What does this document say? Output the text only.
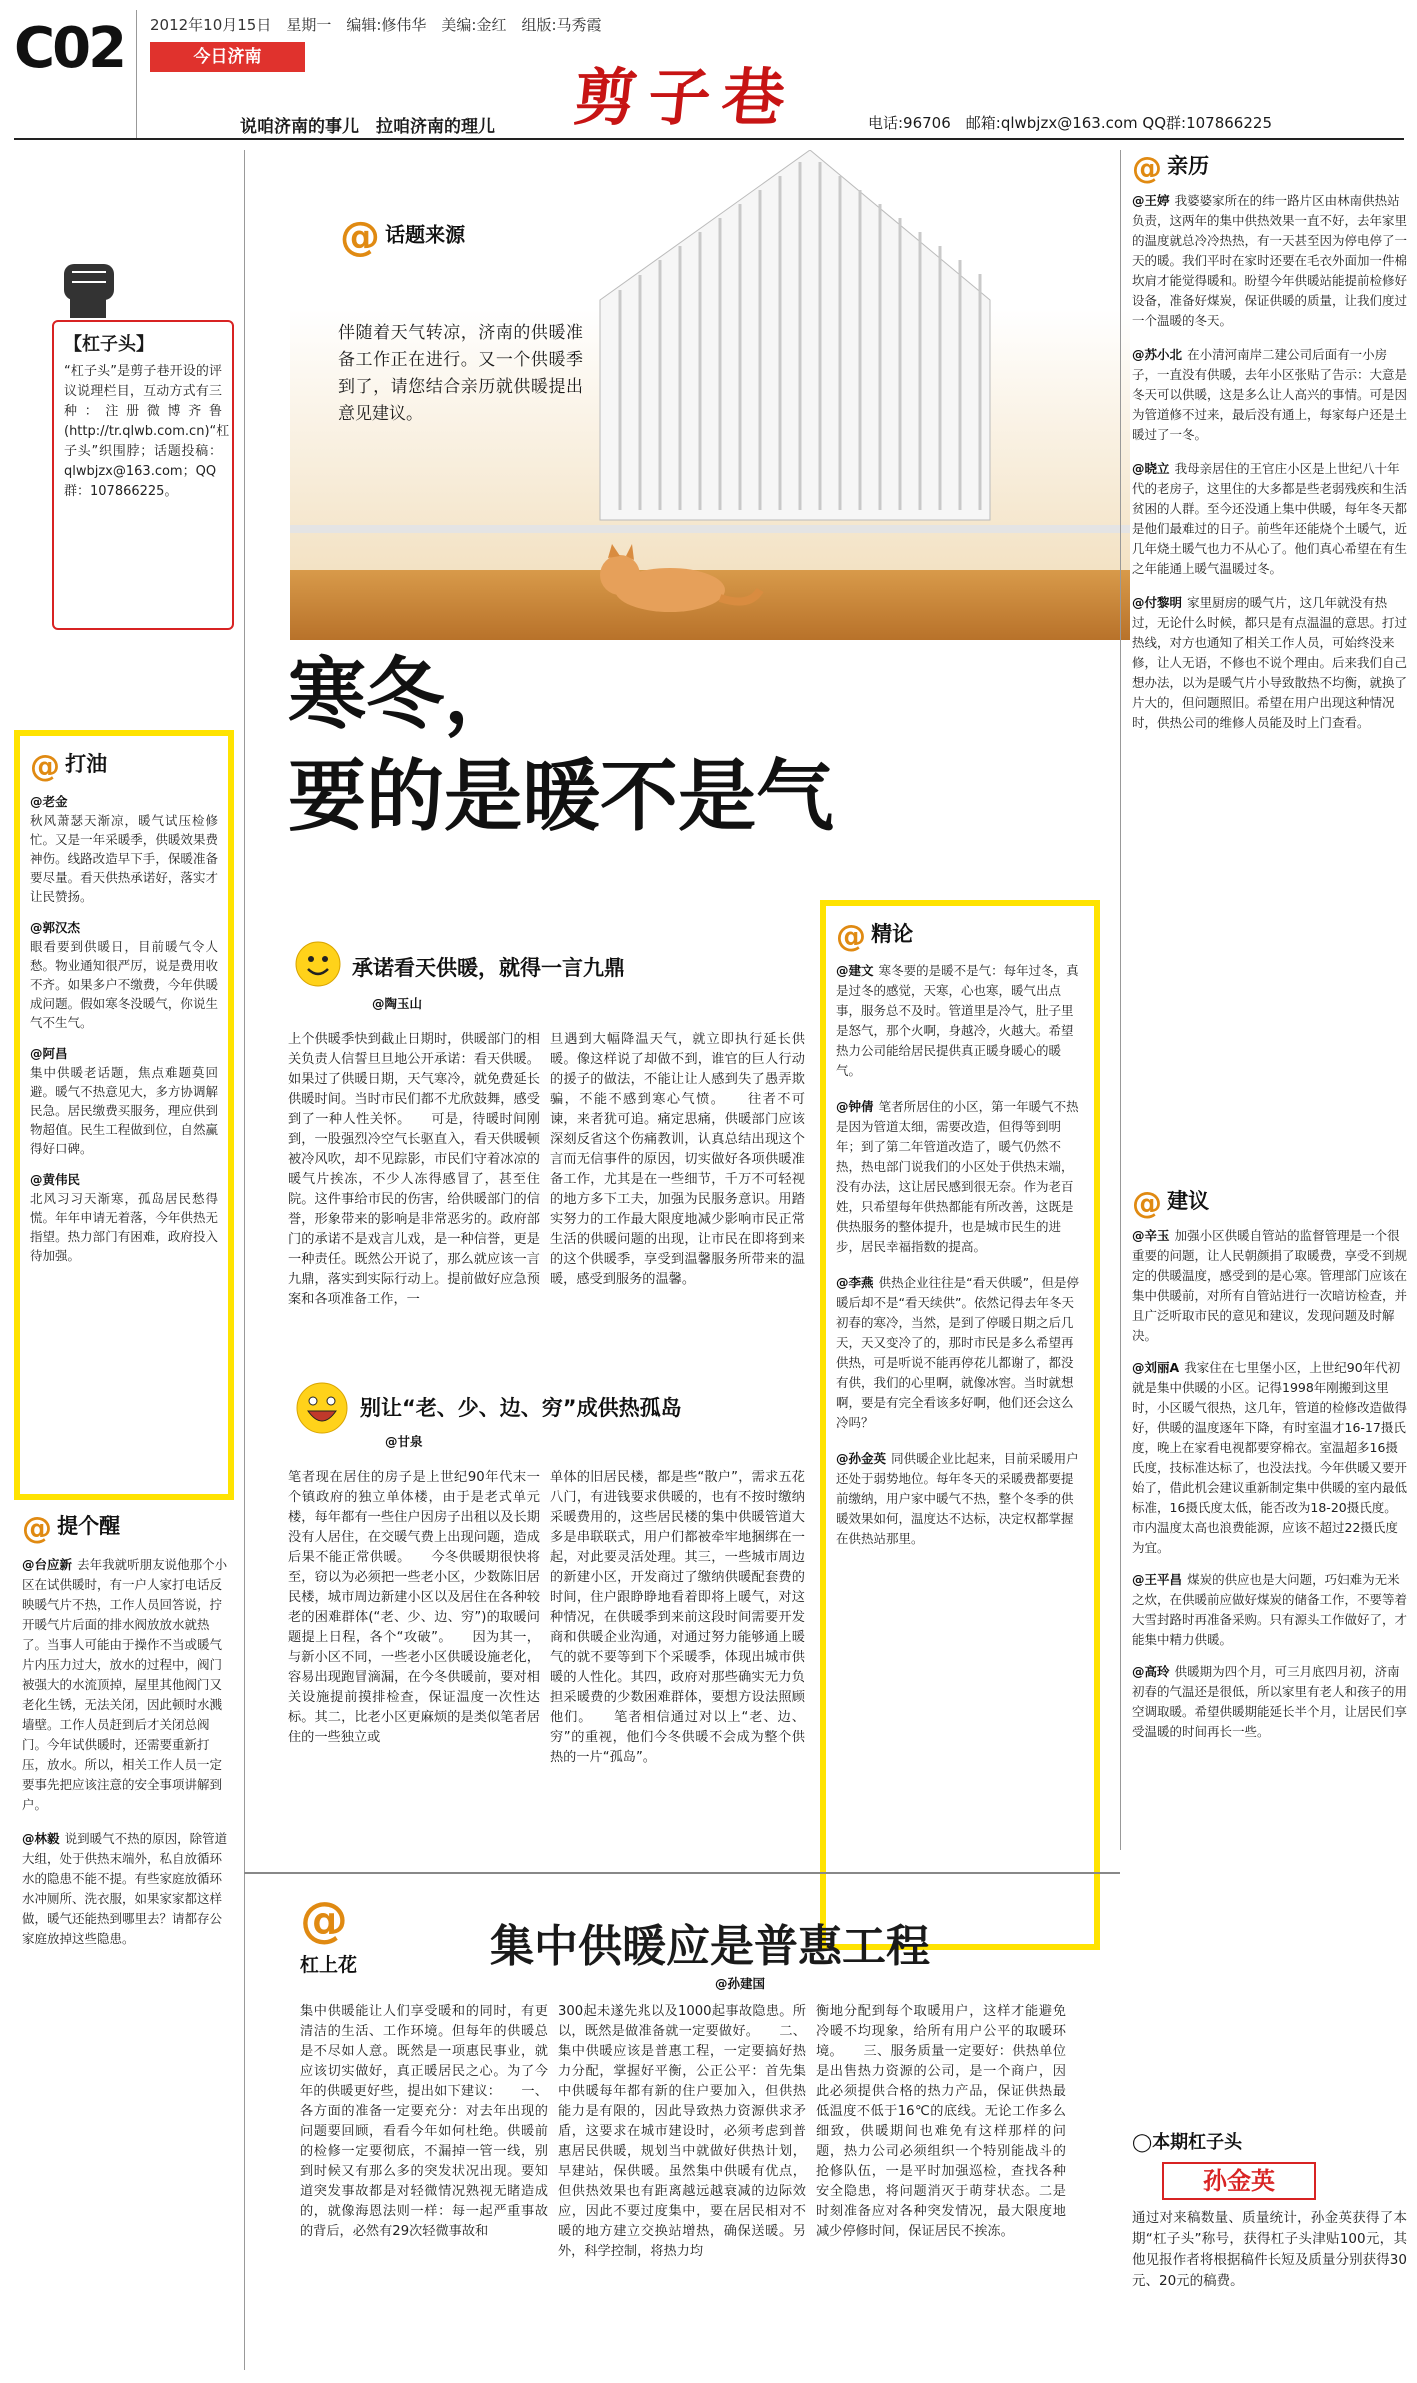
C02 2012年10月15日　星期一　编辑:修伟华　美编:金红　组版:马秀霞
今日济南
剪子巷
说咱济南的事儿　拉咱济南的理儿	电话:96706　邮箱:qlwbjzx@163.com QQ群:107866225
【杠子头】
“杠子头”是剪子巷开设的评议说理栏目，互动方式有三种：注册微博齐鲁(http://tr.qlwb.com.cn)“杠子头”织围脖；话题投稿：qlwbjzx@163.com；QQ群：107866225。
@ 打油
@老金
秋风萧瑟天渐凉，暖气试压检修忙。又是一年采暖季，供暖效果费神伤。线路改造早下手，保暖准备要尽量。看天供热承诺好，落实才让民赞扬。
@郭汉杰
眼看要到供暖日，目前暖气令人愁。物业通知很严厉，说是费用收不齐。如果多户不缴费，今年供暖成问题。假如寒冬没暖气，你说生气不生气。
@阿昌
集中供暖老话题，焦点难题莫回避。暖气不热意见大，多方协调解民急。居民缴费买服务，理应供到物超值。民生工程做到位，自然赢得好口碑。
@黄伟民
北风习习天渐寒，孤岛居民愁得慌。年年申请无着落，今年供热无指望。热力部门有困难，政府投入待加强。
@ 提个醒
@台应新 去年我就听朋友说他那个小区在试供暖时，有一户人家打电话反映暖气片不热，工作人员回答说，拧开暖气片后面的排水阀放放水就热了。当事人可能由于操作不当或暖气片内压力过大，放水的过程中，阀门被强大的水流顶掉，屋里其他阀门又老化生锈，无法关闭，因此顿时水溅墙壁。工作人员赶到后才关闭总阀门。今年试供暖时，还需要重新打压，放水。所以，相关工作人员一定要事先把应该注意的安全事项讲解到户。
@林毅 说到暖气不热的原因，除管道大组，处于供热末端外，私自放循环水的隐患不能不提。有些家庭放循环水冲厕所、洗衣服，如果家家都这样做，暖气还能热到哪里去？请都存公家庭放掉这些隐患。
@ 话题来源
伴随着天气转凉，济南的供暖准备工作正在进行。又一个供暖季到了，请您结合亲历就供暖提出意见建议。
寒冬，
要的是暖不是气
承诺看天供暖，就得一言九鼎
@陶玉山
上个供暖季快到截止日期时，供暖部门的相关负责人信誓旦旦地公开承诺：看天供暖。如果过了供暖日期，天气寒冷，就免费延长供暖时间。当时市民们都不尤欣鼓舞，感受到了一种人性关怀。　　可是，待暖时间刚到，一股强烈冷空气长驱直入，看天供暖顿被冷风吹，却不见踪影，市民们守着冰凉的暖气片挨冻，不少人冻得感冒了，甚至住院。这件事给市民的伤害，给供暖部门的信誉，形象带来的影响是非常恶劣的。政府部门的承诺不是戏言儿戏，是一种信誉，更是一种责任。既然公开说了，那么就应该一言九鼎，落实到实际行动上。提前做好应急预案和各项准备工作，一
旦遇到大幅降温天气，就立即执行延长供暖。像这样说了却做不到，谁官的巨人行动的援子的做法，不能让让人感到失了愚弄欺骗，不能不感到寒心气愤。　　往者不可谏，来者犹可追。痛定思痛，供暖部门应该深刻反省这个伤痛教训，认真总结出现这个言而无信事件的原因，切实做好各项供暖准备工作，尤其是在一些细节，千万不可轻视的地方多下工夫，加强为民服务意识。用踏实努力的工作最大限度地减少影响市民正常生活的供暖问题的出现，让市民在即将到来的这个供暖季，享受到温馨服务所带来的温暖，感受到服务的温馨。
别让“老、少、边、穷”成供热孤岛
@甘泉
笔者现在居住的房子是上世纪90年代末一个镇政府的独立单体楼，由于是老式单元楼，每年都有一些住户因房子出租以及长期没有人居住，在交暖气费上出现问题，造成后果不能正常供暖。　　今冬供暖期很快将至，窃以为必须把一些老小区，少数陈旧居民楼，城市周边新建小区以及居住在各种较老的困难群体(“老、少、边、穷”)的取暖问题提上日程，各个“攻破”。　　因为其一，与新小区不同，一些老小区供暖设施老化，容易出现跑冒滴漏，在今冬供暖前，要对相关设施提前摸排检查，保证温度一次性达标。其二，比老小区更麻烦的是类似笔者居住的一些独立或
单体的旧居民楼，都是些“散户”，需求五花八门，有进钱要求供暖的，也有不按时缴纳采暖费用的，这些居民楼的集中供暖管道大多是串联联式，用户们都被牵牢地捆绑在一起，对此要灵活处理。其三，一些城市周边的新建小区，开发商过了缴纳供暖配套费的时间，住户跟睁睁地看着即将上暖气，对这种情况，在供暖季到来前这段时间需要开发商和供暖企业沟通，对通过努力能够通上暖气的就不要等到下个采暖季，体现出城市供暖的人性化。其四，政府对那些确实无力负担采暖费的少数困难群体，要想方设法照顾他们。　　笔者相信通过对以上“老、边、穷”的重视，他们今冬供暖不会成为整个供热的一片“孤岛”。
@ 精论
@建文 寒冬要的是暖不是气：每年过冬，真是过冬的感觉，天寒，心也寒，暖气出点事，服务总不及时。管道里是冷气，肚子里是怒气，那个火啊，身越冷，火越大。希望热力公司能给居民提供真正暖身暖心的暖气。
@钟倩 笔者所居住的小区，第一年暖气不热是因为管道太细，需要改造，但得等到明年；到了第二年管道改造了，暖气仍然不热，热电部门说我们的小区处于供热末端，没有办法，这让居民感到很无奈。作为老百姓，只希望每年供热都能有所改善，这既是供热服务的整体提升，也是城市民生的进步，居民幸福指数的提高。
@李燕 供热企业往往是“看天供暖”，但是停暖后却不是“看天续供”。依然记得去年冬天初春的寒冷，当然，是到了停暖日期之后几天，天又变冷了的，那时市民是多么希望再供热，可是听说不能再停花儿都谢了，都没有供，我们的心里啊，就像冰窖。当时就想啊，要是有完全看该多好啊，他们还会这么冷吗？
@孙金英 同供暖企业比起来，目前采暖用户还处于弱势地位。每年冬天的采暖费都要提前缴纳，用户家中暖气不热，整个冬季的供暖效果如何，温度达不达标，决定权都掌握在供热站那里。
@ 亲历
@王婷 我婆婆家所在的纬一路片区由林南供热站负责，这两年的集中供热效果一直不好，去年家里的温度就总冷冷热热，有一天甚至因为停电停了一天的暖。我们平时在家时还要在毛衣外面加一件棉坎肩才能觉得暖和。盼望今年供暖站能提前检修好设备，准备好煤炭，保证供暖的质量，让我们度过一个温暖的冬天。
@苏小北 在小清河南岸二建公司后面有一小房子，一直没有供暖，去年小区张贴了告示：大意是冬天可以供暖，这是多么让人高兴的事情。可是因为管道修不过来，最后没有通上，每家每户还是土暖过了一冬。
@晓立 我母亲居住的王官庄小区是上世纪八十年代的老房子，这里住的大多都是些老弱残疾和生活贫困的人群。至今还没通上集中供暖，每年冬天都是他们最难过的日子。前些年还能烧个土暖气，近几年烧土暖气也力不从心了。他们真心希望在有生之年能通上暖气温暖过冬。
@付黎明 家里厨房的暖气片，这几年就没有热过，无论什么时候，都只是有点温温的意思。打过热线，对方也通知了相关工作人员，可始终没来修，让人无语，不修也不说个理由。后来我们自己想办法，以为是暖气片小导致散热不均衡，就换了片大的，但问题照旧。希望在用户出现这种情况时，供热公司的维修人员能及时上门查看。
@ 建议
@辛玉 加强小区供暖自管站的监督管理是一个很重要的问题，让人民朝颜捐了取暖费，享受不到规定的供暖温度，感受到的是心寒。管理部门应该在集中供暖前，对所有自管站进行一次暗访检查，并且广泛听取市民的意见和建议，发现问题及时解决。
@刘丽A 我家住在七里堡小区，上世纪90年代初就是集中供暖的小区。记得1998年刚搬到这里时，小区暖气很热，这几年，管道的检修改造做得好，供暖的温度逐年下降，有时室温才16-17摄氏度，晚上在家看电视都要穿棉衣。室温超多16摄氏度，技标准达标了，也没法找。今年供暖又要开始了，借此机会建议重新制定集中供暖的室内最低标准，16摄氏度太低，能否改为18-20摄氏度。市内温度太高也浪费能源，应该不超过22摄氏度为宜。
@王平昌 煤炭的供应也是大问题，巧妇难为无米之炊，在供暖前应做好煤炭的储备工作，不要等着大雪封路时再准备采购。只有源头工作做好了，才能集中精力供暖。
@高玲 供暖期为四个月，可三月底四月初，济南初春的气温还是很低，所以家里有老人和孩子的用空调取暖。希望供暖期能延长半个月，让居民们享受温暖的时间再长一些。
◯本期杠子头
孙金英
通过对来稿数量、质量统计，孙金英获得了本期“杠子头”称号，获得杠子头津贴100元，其他见报作者将根据稿件长短及质量分别获得30元、20元的稿费。
@
杠上花	集中供暖应是普惠工程
@孙建国
集中供暖能让人们享受暖和的同时，有更清洁的生活、工作环境。但每年的供暖总是不尽如人意。既然是一项惠民事业，就应该切实做好，真正暖居民之心。为了今年的供暖更好些，提出如下建议：　　一、各方面的准备一定要充分：对去年出现的问题要回顾，看看今年如何杜绝。供暖前的检修一定要彻底，不漏掉一管一线，别到时候又有那么多的突发状况出现。要知道突发事故都是对轻微情况熟视无睹造成的，就像海恩法则一样：每一起严重事故的背后，必然有29次轻微事故和
300起未遂先兆以及1000起事故隐患。所以，既然是做准备就一定要做好。　　二、集中供暖应该是普惠工程，一定要搞好热力分配，掌握好平衡，公正公平：首先集中供暖每年都有新的住户要加入，但供热能力是有限的，因此导致热力资源供求矛盾，这要求在城市建设时，必须考虑到普惠居民供暖，规划当中就做好供热计划，早建站，保供暖。虽然集中供暖有优点，但供热效果也有距离越远越衰减的边际效应，因此不要过度集中，要在居民相对不暖的地方建立交换站增热，确保送暖。另外，科学控制，将热力均
衡地分配到每个取暖用户，这样才能避免冷暖不均现象，给所有用户公平的取暖环境。　　三、服务质量一定要好：供热单位是出售热力资源的公司，是一个商户，因此必须提供合格的热力产品，保证供热最低温度不低于16℃的底线。无论工作多么细致，供暖期间也难免有这样那样的问题，热力公司必须组织一个特别能战斗的抢修队伍，一是平时加强巡检，查找各种安全隐患，将问题消灭于萌芽状态。二是时刻准备应对各种突发情况，最大限度地减少停修时间，保证居民不挨冻。
